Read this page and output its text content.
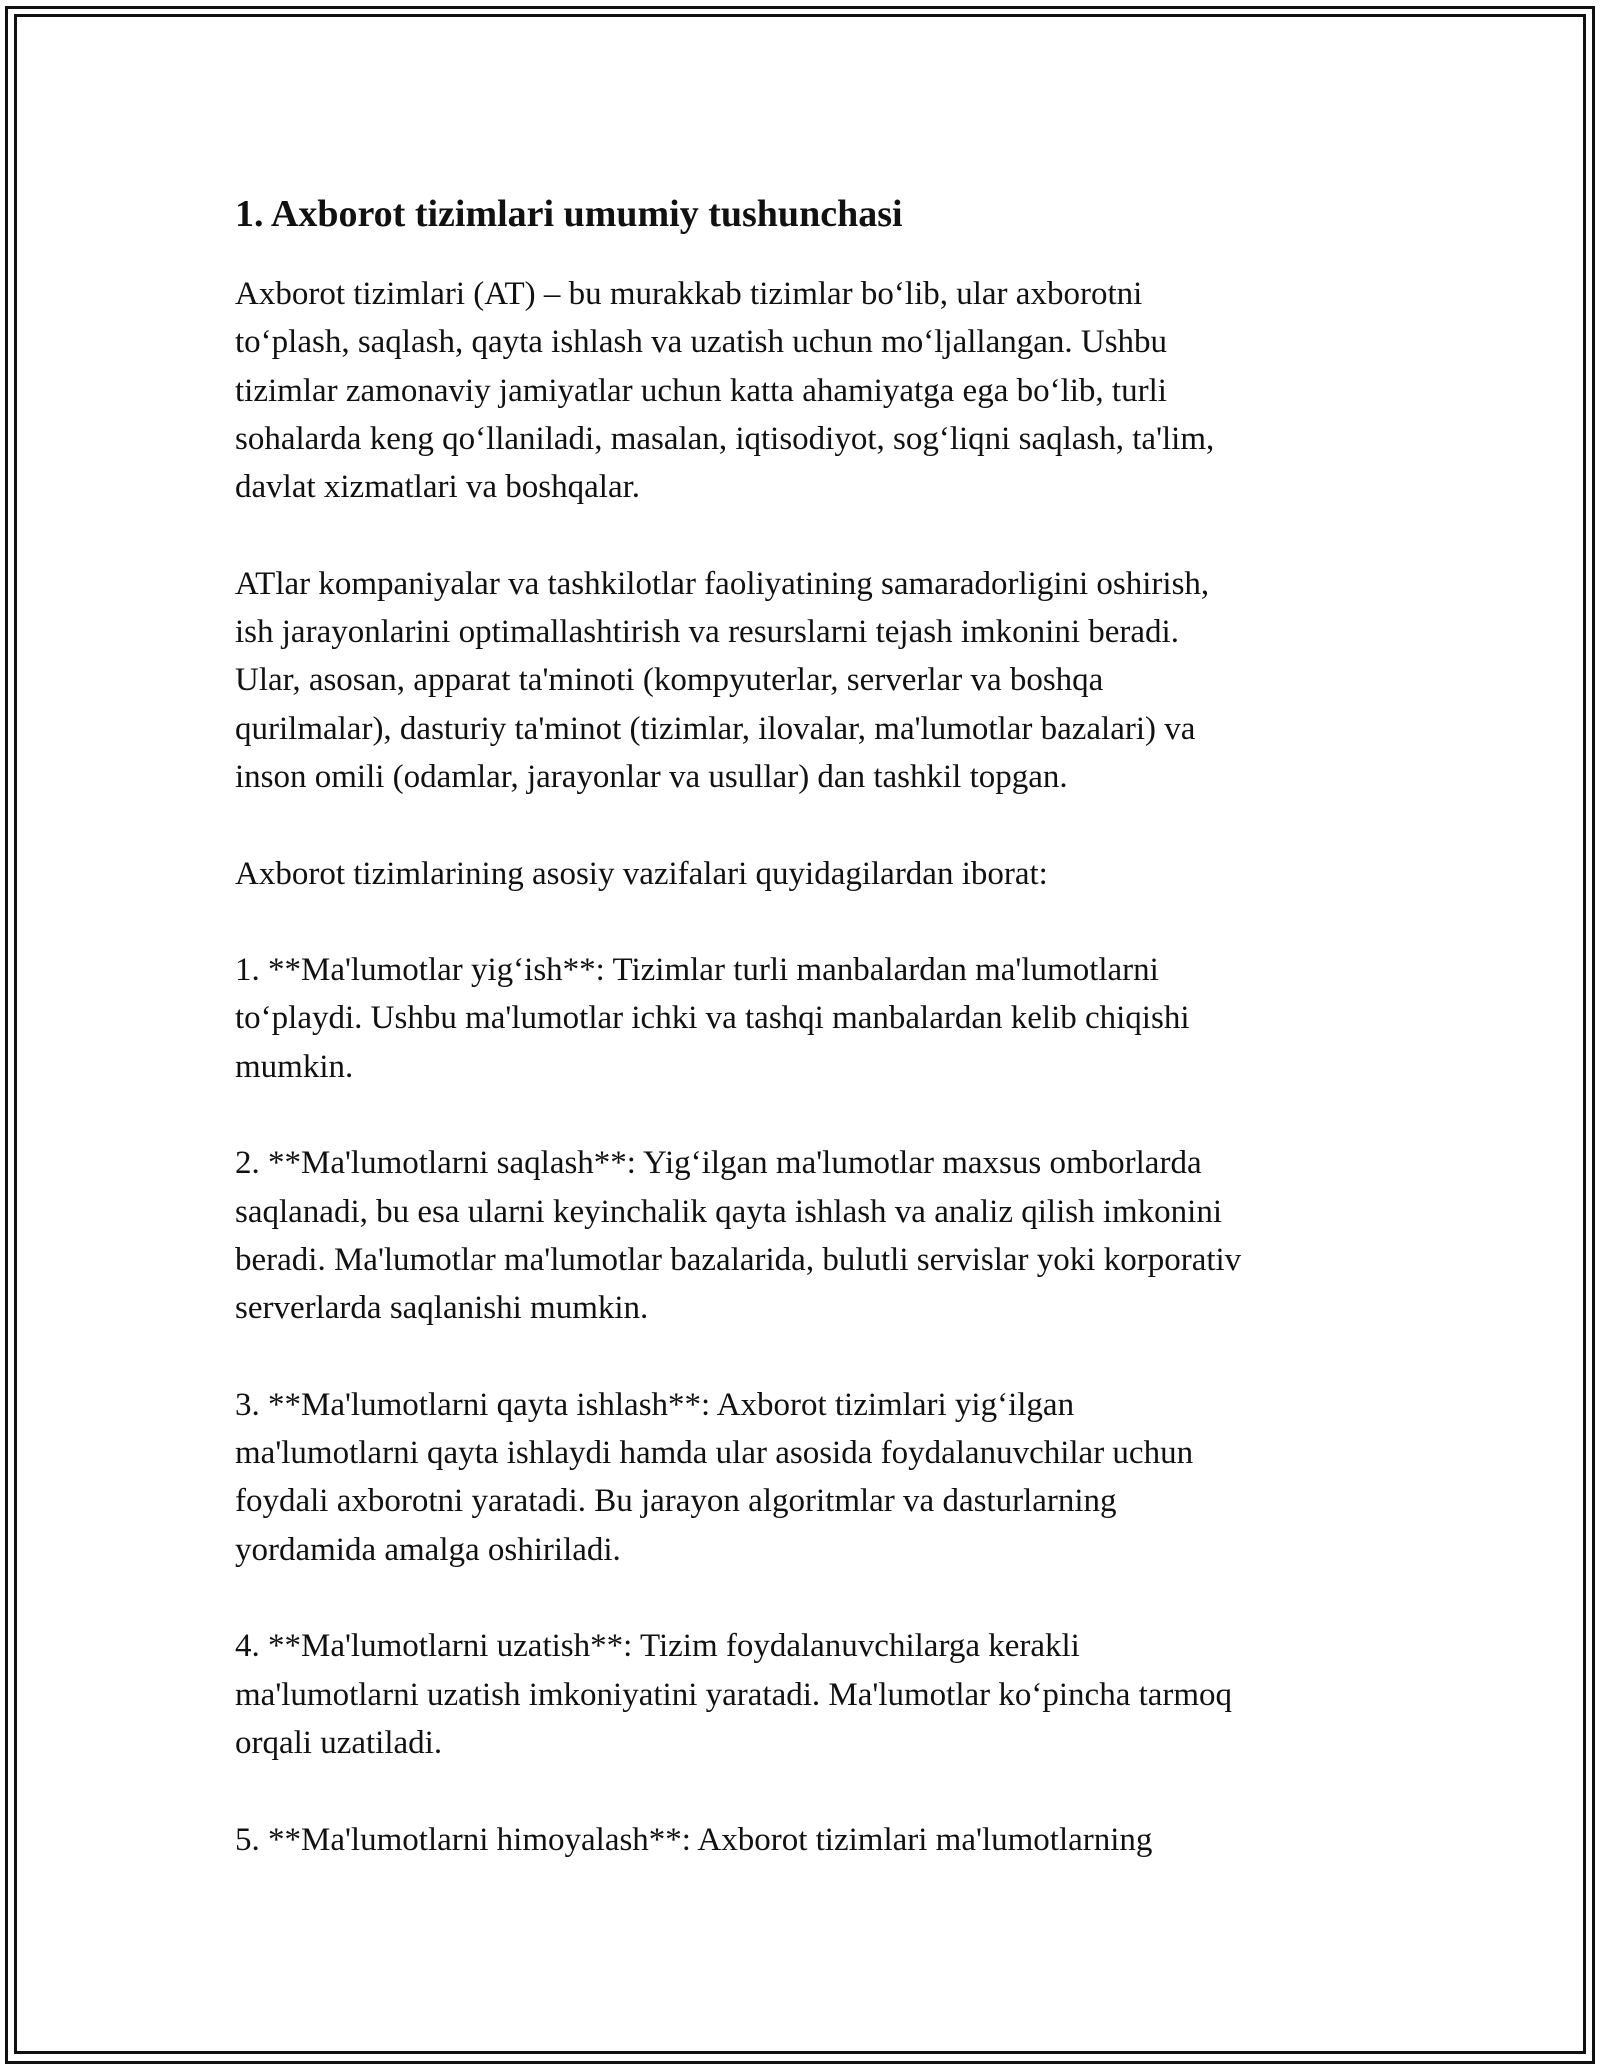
1. Axborot tizimlari umumiy tushunchasi
Axborot tizimlari (AT) – bu murakkab tizimlar bo‘lib, ular axborotni
to‘plash, saqlash, qayta ishlash va uzatish uchun mo‘ljallangan. Ushbu
tizimlar zamonaviy jamiyatlar uchun katta ahamiyatga ega bo‘lib, turli
sohalarda keng qo‘llaniladi, masalan, iqtisodiyot, sog‘liqni saqlash, ta'lim,
davlat xizmatlari va boshqalar.
ATlar kompaniyalar va tashkilotlar faoliyatining samaradorligini oshirish,
ish jarayonlarini optimallashtirish va resurslarni tejash imkonini beradi.
Ular, asosan, apparat ta'minoti (kompyuterlar, serverlar va boshqa
qurilmalar), dasturiy ta'minot (tizimlar, ilovalar, ma'lumotlar bazalari) va
inson omili (odamlar, jarayonlar va usullar) dan tashkil topgan.
Axborot tizimlarining asosiy vazifalari quyidagilardan iborat:
1. **Ma'lumotlar yig‘ish**: Tizimlar turli manbalardan ma'lumotlarni
to‘playdi. Ushbu ma'lumotlar ichki va tashqi manbalardan kelib chiqishi
mumkin.
2. **Ma'lumotlarni saqlash**: Yig‘ilgan ma'lumotlar maxsus omborlarda
saqlanadi, bu esa ularni keyinchalik qayta ishlash va analiz qilish imkonini
beradi. Ma'lumotlar ma'lumotlar bazalarida, bulutli servislar yoki korporativ
serverlarda saqlanishi mumkin.
3. **Ma'lumotlarni qayta ishlash**: Axborot tizimlari yig‘ilgan
ma'lumotlarni qayta ishlaydi hamda ular asosida foydalanuvchilar uchun
foydali axborotni yaratadi. Bu jarayon algoritmlar va dasturlarning
yordamida amalga oshiriladi.
4. **Ma'lumotlarni uzatish**: Tizim foydalanuvchilarga kerakli
ma'lumotlarni uzatish imkoniyatini yaratadi. Ma'lumotlar ko‘pincha tarmoq
orqali uzatiladi.
5. **Ma'lumotlarni himoyalash**: Axborot tizimlari ma'lumotlarning
